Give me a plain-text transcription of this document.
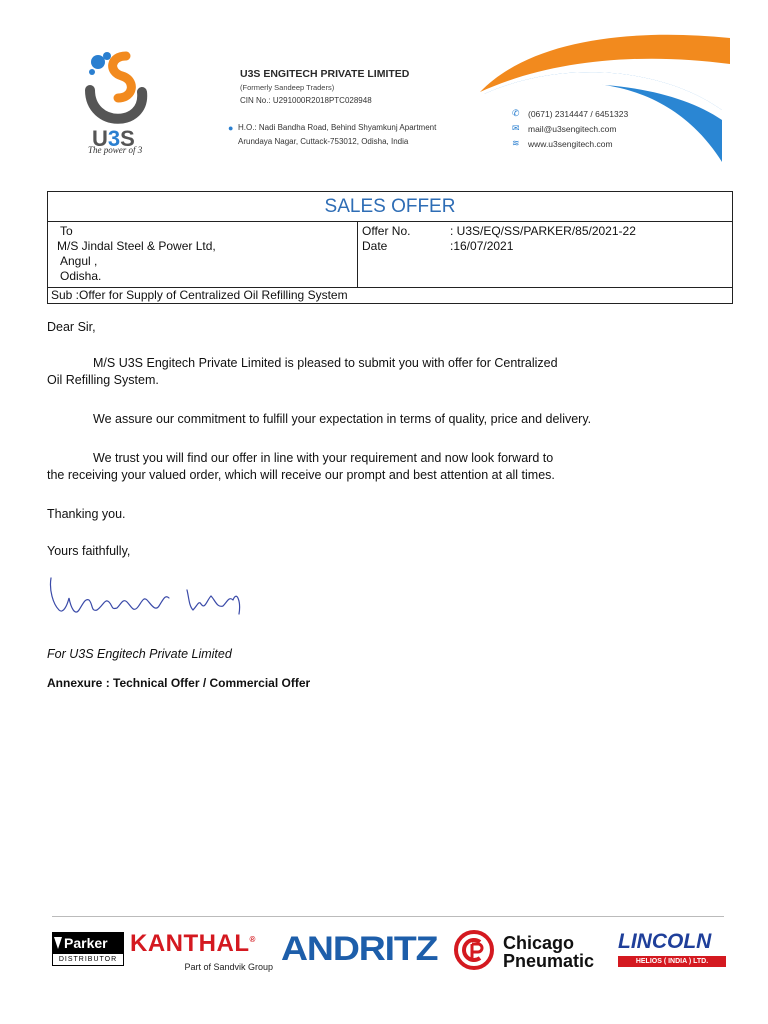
U3S
The power of 3
U3S ENGITECH PRIVATE LIMITED
(Formerly Sandeep Traders)
CIN No.: U291000R2018PTC028948
● H.O.: Nadi Bandha Road, Behind Shyamkunj Apartment
Arundaya Nagar, Cuttack-753012, Odisha, India
✆ (0671) 2314447 / 6451323
✉ mail@u3sengitech.com
≋ www.u3sengitech.com
SALES OFFER
To
M/S Jindal Steel & Power Ltd,
Angul ,
Odisha.
Offer No.	: U3S/EQ/SS/PARKER/85/2021-22
Date	:16/07/2021
Sub :Offer for Supply of Centralized Oil Refilling System
Dear Sir,
M/S U3S Engitech Private Limited is pleased to submit you with offer for Centralized
Oil Refilling System.
We assure our commitment to fulfill your expectation in terms of quality, price and delivery.
We trust you will find our offer in line with your requirement and now look forward to
the receiving your valued order, which will receive our prompt and best attention at all times.
Thanking you.
Yours faithfully,
For U3S Engitech Private Limited
Annexure : Technical Offer / Commercial Offer
Parker
DISTRIBUTOR
KANTHAL®
Part of Sandvik Group ANDRITZ	Chicago
Pneumatic
LINCOLN
HELIOS ( INDIA ) LTD.
